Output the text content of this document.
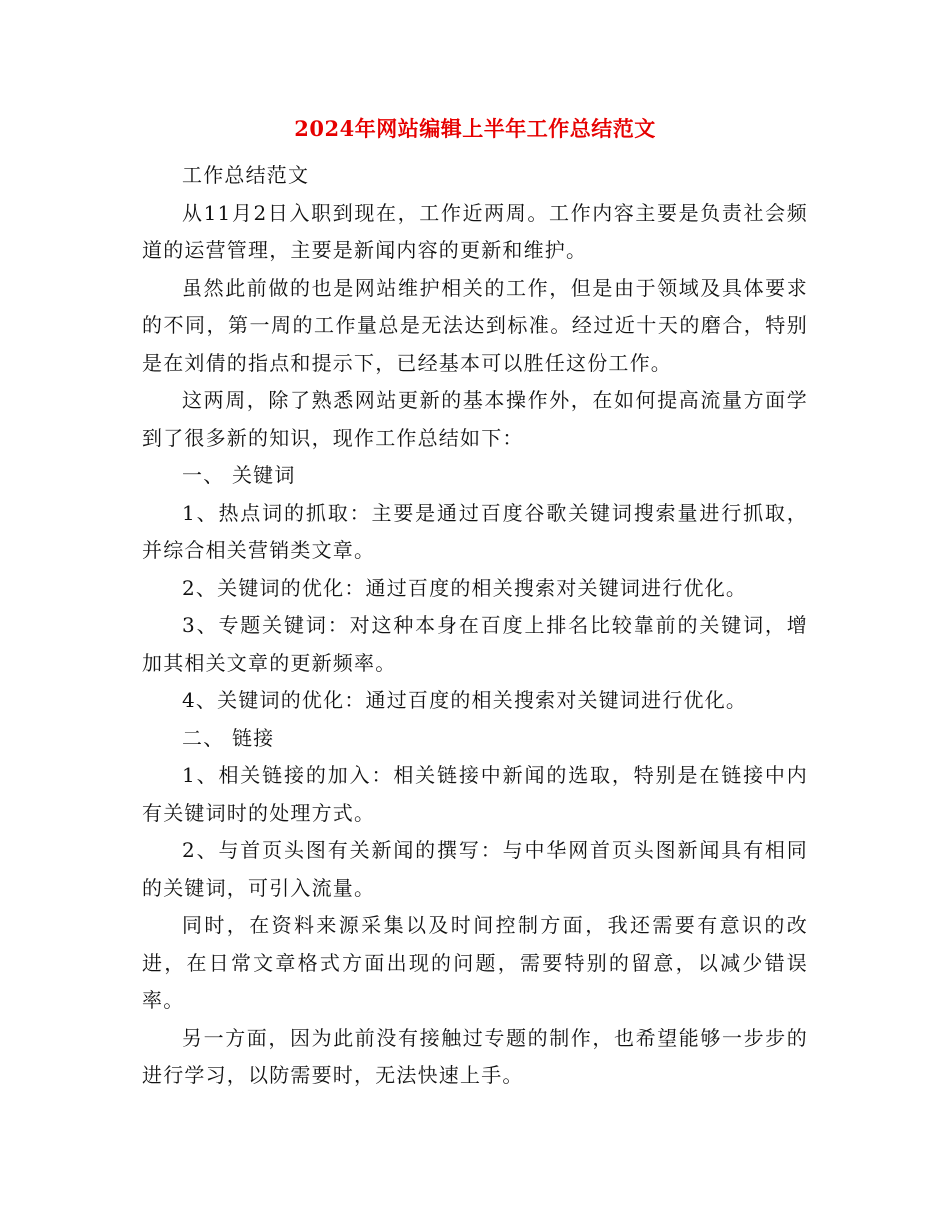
2024年网站编辑上半年工作总结范文

工作总结范文

从11月2日入职到现在，工作近两周。工作内容主要是负责社会频道的运营管理，主要是新闻内容的更新和维护。

虽然此前做的也是网站维护相关的工作，但是由于领域及具体要求的不同，第一周的工作量总是无法达到标准。经过近十天的磨合，特别是在刘倩的指点和提示下，已经基本可以胜任这份工作。

这两周，除了熟悉网站更新的基本操作外，在如何提高流量方面学到了很多新的知识，现作工作总结如下：

一、 关键词

1、热点词的抓取：主要是通过百度谷歌关键词搜索量进行抓取，并综合相关营销类文章。

2、关键词的优化：通过百度的相关搜索对关键词进行优化。

3、专题关键词：对这种本身在百度上排名比较靠前的关键词，增加其相关文章的更新频率。

4、关键词的优化：通过百度的相关搜索对关键词进行优化。

二、 链接

1、相关链接的加入：相关链接中新闻的选取，特别是在链接中内有关键词时的处理方式。

2、与首页头图有关新闻的撰写：与中华网首页头图新闻具有相同的关键词，可引入流量。

同时，在资料来源采集以及时间控制方面，我还需要有意识的改进，在日常文章格式方面出现的问题，需要特别的留意，以减少错误率。

另一方面，因为此前没有接触过专题的制作，也希望能够一步步的进行学习，以防需要时，无法快速上手。
